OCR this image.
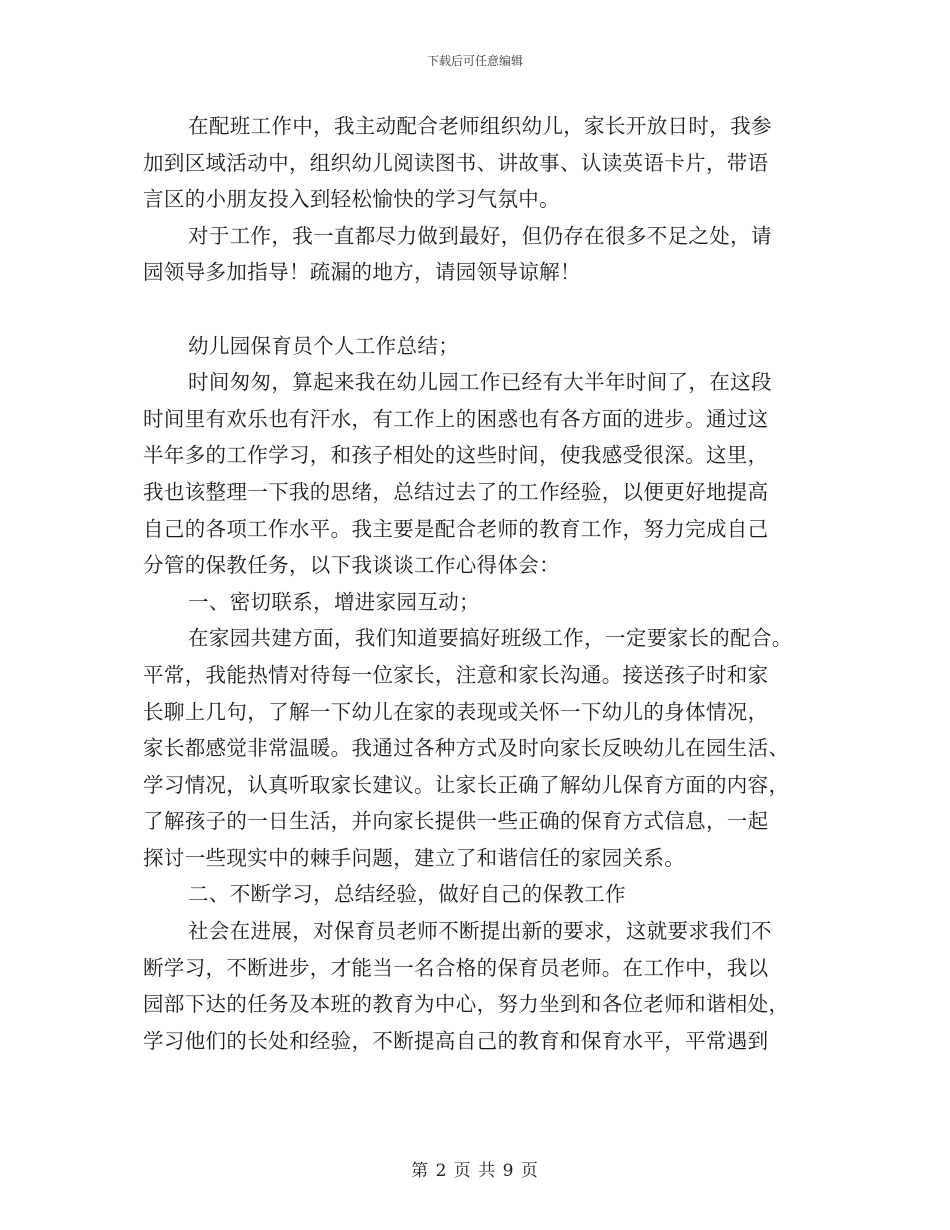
下载后可任意编辑
在配班工作中，我主动配合老师组织幼儿，家长开放日时，我参
加到区域活动中，组织幼儿阅读图书、讲故事、认读英语卡片，带语
言区的小朋友投入到轻松愉快的学习气氛中。
对于工作，我一直都尽力做到最好，但仍存在很多不足之处，请
园领导多加指导！疏漏的地方，请园领导谅解！
幼儿园保育员个人工作总结；
时间匆匆，算起来我在幼儿园工作已经有大半年时间了，在这段
时间里有欢乐也有汗水，有工作上的困惑也有各方面的进步。通过这
半年多的工作学习，和孩子相处的这些时间，使我感受很深。这里，
我也该整理一下我的思绪，总结过去了的工作经验，以便更好地提高
自己的各项工作水平。我主要是配合老师的教育工作，努力完成自己
分管的保教任务，以下我谈谈工作心得体会：
一、密切联系，增进家园互动；
在家园共建方面，我们知道要搞好班级工作，一定要家长的配合。
平常，我能热情对待每一位家长，注意和家长沟通。接送孩子时和家
长聊上几句，了解一下幼儿在家的表现或关怀一下幼儿的身体情况，
家长都感觉非常温暖。我通过各种方式及时向家长反映幼儿在园生活、
学习情况，认真听取家长建议。让家长正确了解幼儿保育方面的内容，
了解孩子的一日生活，并向家长提供一些正确的保育方式信息，一起
探讨一些现实中的棘手问题，建立了和谐信任的家园关系。
二、不断学习，总结经验，做好自己的保教工作
社会在进展，对保育员老师不断提出新的要求，这就要求我们不
断学习，不断进步，才能当一名合格的保育员老师。在工作中，我以
园部下达的任务及本班的教育为中心，努力坐到和各位老师和谐相处，
学习他们的长处和经验，不断提高自己的教育和保育水平，平常遇到
第 2 页 共 9 页
